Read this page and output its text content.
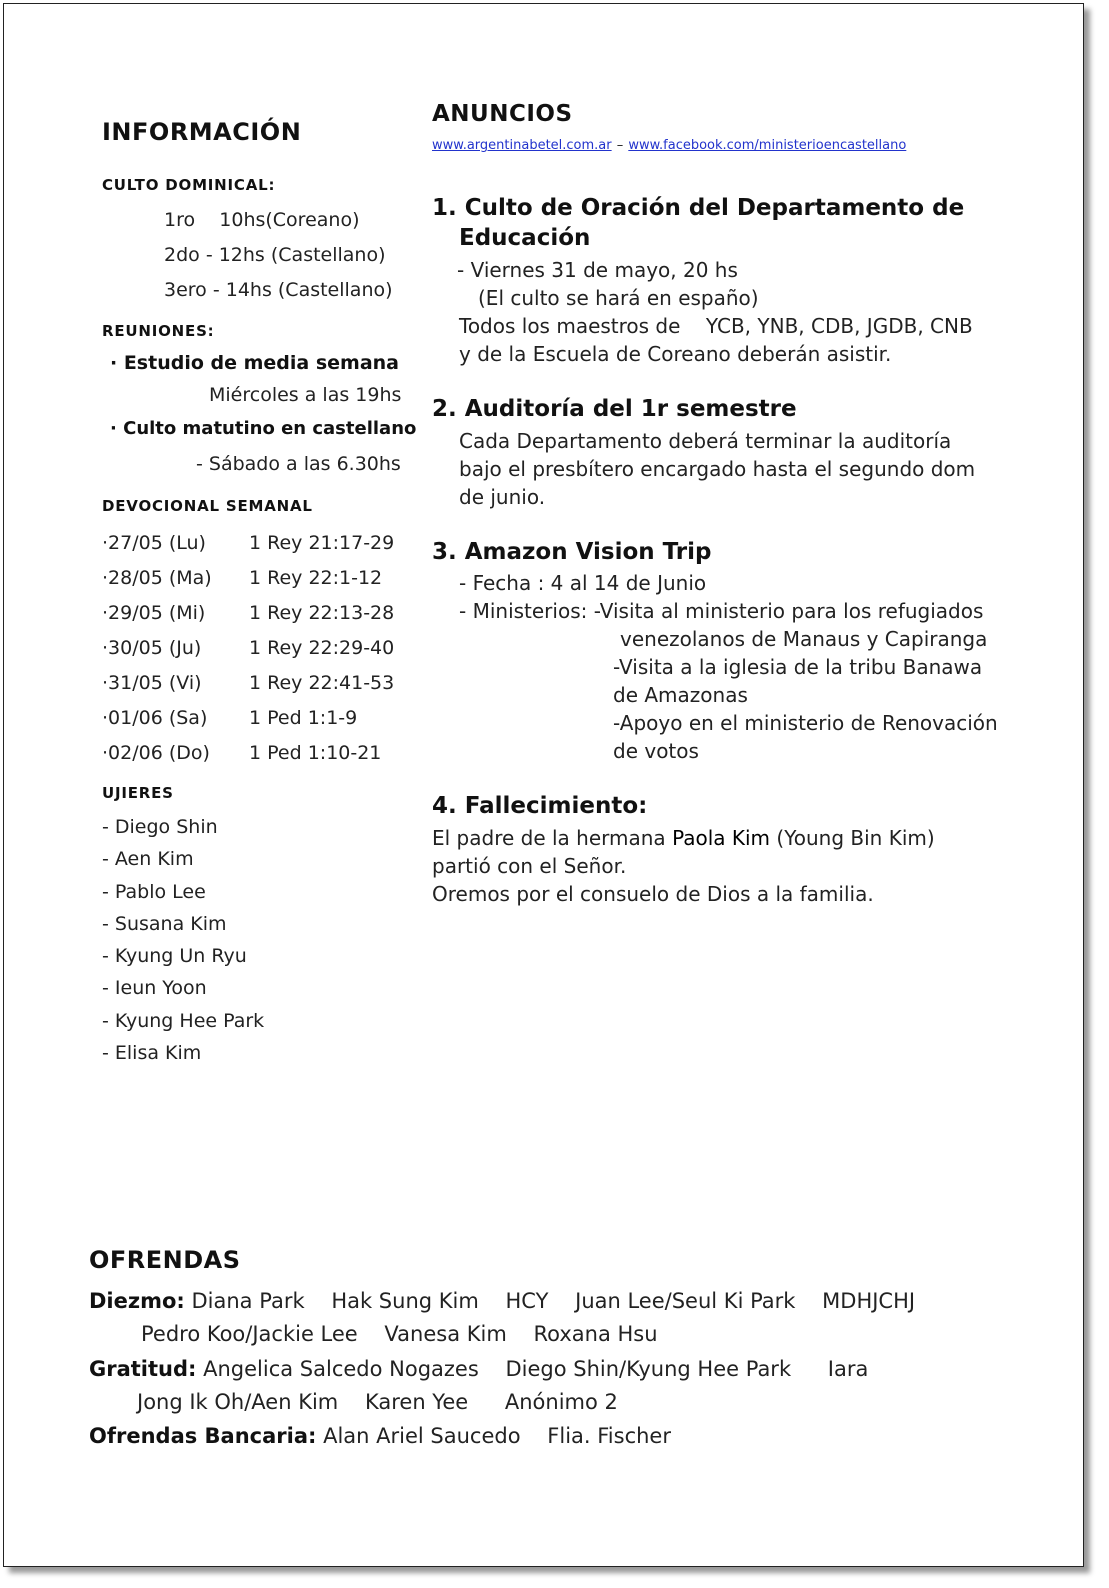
INFORMACIÓN
CULTO DOMINICAL:
1ro    10hs(Coreano)
2do - 12hs (Castellano)
3ero - 14hs (Castellano)
REUNIONES:
· Estudio de media semana
Miércoles a las 19hs
· Culto matutino en castellano
- Sábado a las 6.30hs
DEVOCIONAL SEMANAL
·27/05 (Lu) 1 Rey 21:17-29
·28/05 (Ma) 1 Rey 22:1-12
·29/05 (Mi) 1 Rey 22:13-28
·30/05 (Ju)	1 Rey 22:29-40
·31/05 (Vi) 1 Rey 22:41-53
·01/06 (Sa) 1 Ped 1:1-9
·02/06 (Do) 1 Ped 1:10-21
UJIERES
- Diego Shin
- Aen Kim
- Pablo Lee
- Susana Kim
- Kyung Un Ryu
- Ieun Yoon
- Kyung Hee Park
- Elisa Kim
ANUNCIOS
www.argentinabetel.com.ar – www.facebook.com/ministerioencastellano
1. Culto de Oración del Departamento de
Educación
- Viernes 31 de mayo, 20 hs
(El culto se hará en españo)
Todos los maestros de    YCB, YNB, CDB, JGDB, CNB
y de la Escuela de Coreano deberán asistir.
2. Auditoría del 1r semestre
Cada Departamento deberá terminar la auditoría
bajo el presbítero encargado hasta el segundo dom
de junio.
3. Amazon Vision Trip
- Fecha : 4 al 14 de Junio
- Ministerios: -Visita al ministerio para los refugiados
venezolanos de Manaus y Capiranga
-Visita a la iglesia de la tribu Banawa
de Amazonas
-Apoyo en el ministerio de Renovación
de votos
4. Fallecimiento:
El padre de la hermana Paola Kim (Young Bin Kim)
partió con el Señor.
Oremos por el consuelo de Dios a la familia.
OFRENDAS
Diezmo: Diana Park Hak Sung Kim HCY Juan Lee/Seul Ki Park MDHJCHJ
Pedro Koo/Jackie Lee Vanesa Kim Roxana Hsu
Gratitud: Angelica Salcedo Nogazes Diego Shin/Kyung Hee Park Iara
Jong Ik Oh/Aen Kim Karen Yee Anónimo 2
Ofrendas Bancaria: Alan Ariel Saucedo Flia. Fischer
